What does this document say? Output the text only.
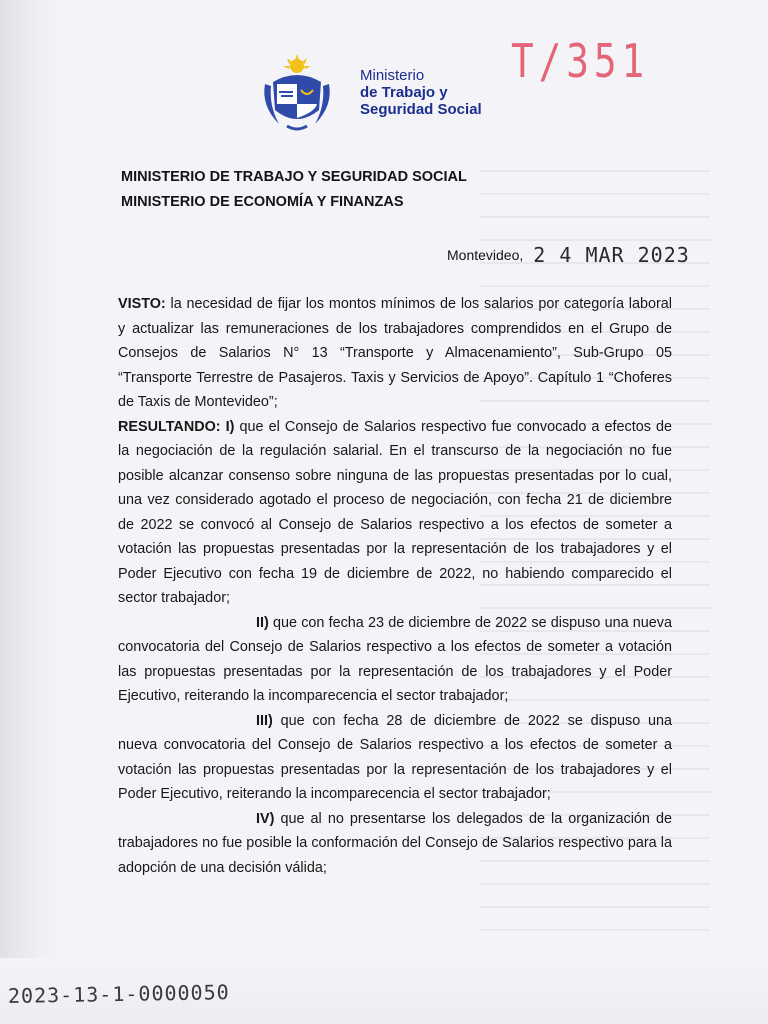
Ministerio
de Trabajo y
Seguridad Social
T/351
MINISTERIO DE TRABAJO Y SEGURIDAD SOCIAL
MINISTERIO DE ECONOMÍA Y FINANZAS
Montevideo, 2 4 MAR 2023

VISTO: la necesidad de fijar los montos mínimos de los salarios por categoría laboral y actualizar las remuneraciones de los trabajadores comprendidos en el Grupo de Consejos de Salarios N° 13 “Transporte y Almacenamiento”, Sub-Grupo 05 “Transporte Terrestre de Pasajeros. Taxis y Servicios de Apoyo”. Capítulo 1 “Choferes de Taxis de Montevideo”;

RESULTANDO: I) que el Consejo de Salarios respectivo fue convocado a efectos de la negociación de la regulación salarial. En el transcurso de la negociación no fue posible alcanzar consenso sobre ninguna de las propuestas presentadas por lo cual, una vez considerado agotado el proceso de negociación, con fecha 21 de diciembre de 2022 se convocó al Consejo de Salarios respectivo a los efectos de someter a votación las propuestas presentadas por la representación de los trabajadores y el Poder Ejecutivo con fecha 19 de diciembre de 2022, no habiendo comparecido el sector trabajador;

II) que con fecha 23 de diciembre de 2022 se dispuso una nueva convocatoria del Consejo de Salarios respectivo a los efectos de someter a votación las propuestas presentadas por la representación de los trabajadores y el Poder Ejecutivo, reiterando la incomparecencia el sector trabajador;

III) que con fecha 28 de diciembre de 2022 se dispuso una nueva convocatoria del Consejo de Salarios respectivo a los efectos de someter a votación las propuestas presentadas por la representación de los trabajadores y el Poder Ejecutivo, reiterando la incomparecencia el sector trabajador;

IV) que al no presentarse los delegados de la organización de trabajadores no fue posible la conformación del Consejo de Salarios respectivo para la adopción de una decisión válida;

2023-13-1-0000050
